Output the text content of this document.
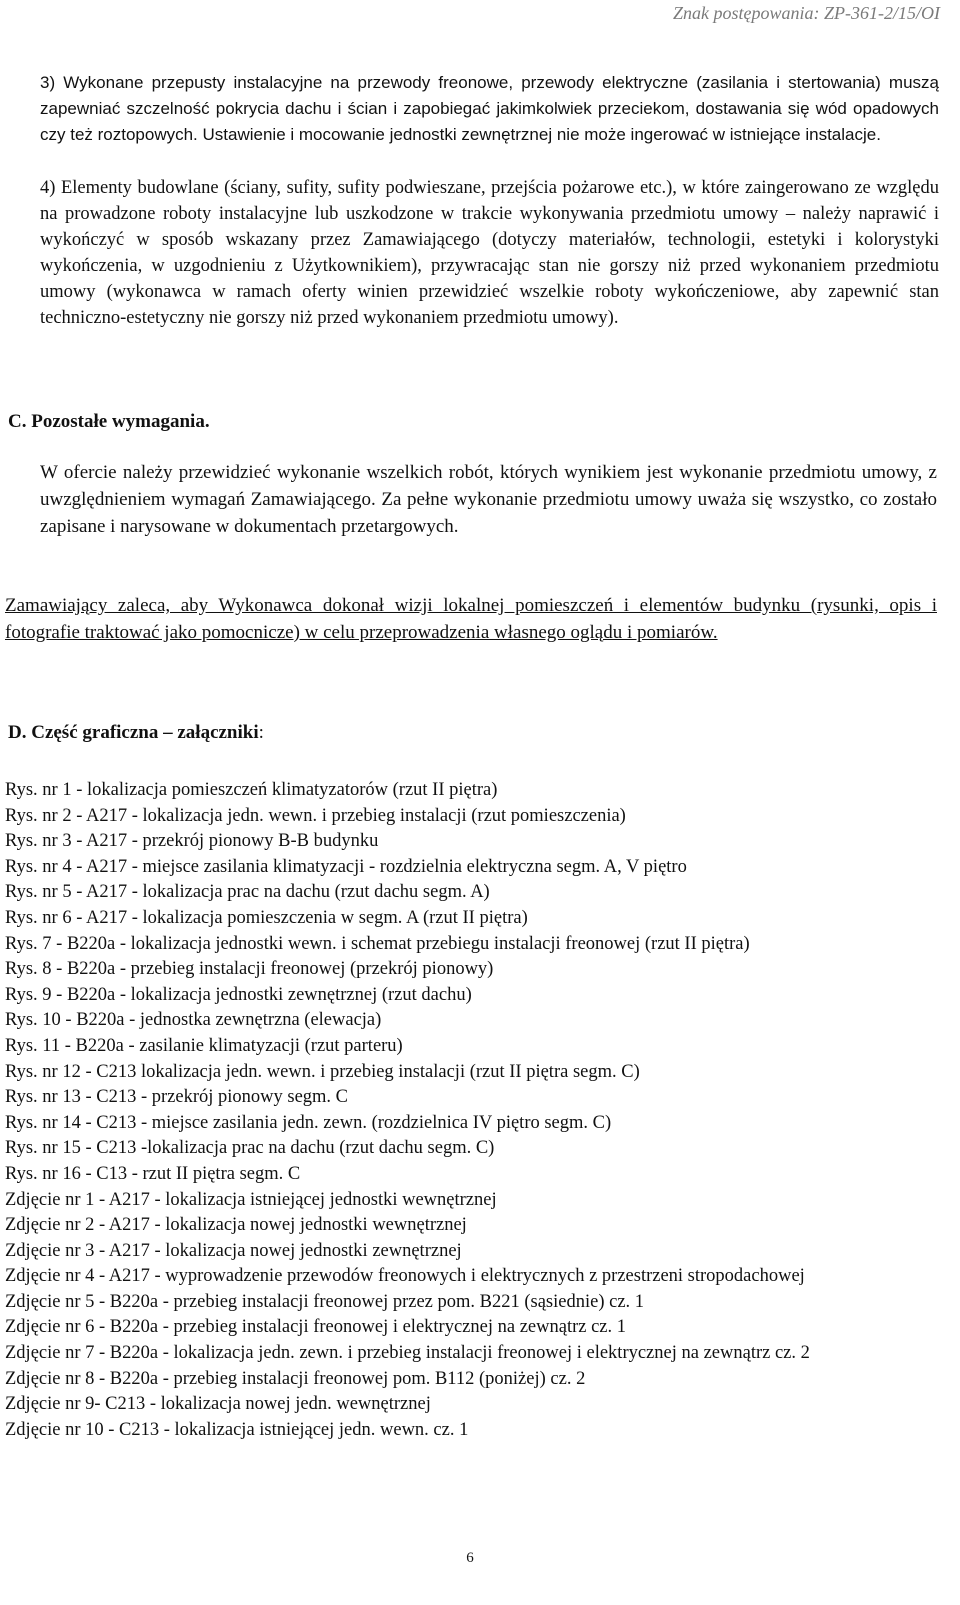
Znak postępowania: ZP-361-2/15/OI
3) Wykonane przepusty instalacyjne na przewody freonowe, przewody elektryczne (zasilania i stertowania) muszą zapewniać szczelność pokrycia dachu i ścian i zapobiegać jakimkolwiek przeciekom, dostawania się wód opadowych czy też roztopowych. Ustawienie i mocowanie jednostki zewnętrznej nie może ingerować w istniejące instalacje.
4) Elementy budowlane (ściany, sufity, sufity podwieszane, przejścia pożarowe etc.), w które zaingerowano ze względu na prowadzone roboty instalacyjne lub uszkodzone w trakcie wykonywania przedmiotu umowy – należy naprawić i wykończyć w sposób wskazany przez Zamawiającego (dotyczy materiałów, technologii, estetyki i kolorystyki wykończenia, w uzgodnieniu z Użytkownikiem), przywracając stan nie gorszy niż przed wykonaniem przedmiotu umowy (wykonawca w ramach oferty winien przewidzieć wszelkie roboty wykończeniowe, aby zapewnić stan techniczno-estetyczny nie gorszy niż przed wykonaniem przedmiotu umowy).
C. Pozostałe wymagania.
W ofercie należy przewidzieć wykonanie wszelkich robót, których wynikiem jest wykonanie przedmiotu umowy, z uwzględnieniem wymagań Zamawiającego. Za pełne wykonanie przedmiotu umowy uważa się wszystko, co zostało zapisane i narysowane w dokumentach przetargowych.
Zamawiający zaleca, aby Wykonawca dokonał wizji lokalnej pomieszczeń i elementów budynku (rysunki, opis i fotografie traktować jako pomocnicze) w celu przeprowadzenia własnego oglądu i pomiarów.
D. Część graficzna – załączniki:
Rys. nr 1 - lokalizacja pomieszczeń klimatyzatorów (rzut II piętra)
Rys. nr 2 - A217 - lokalizacja jedn. wewn. i przebieg instalacji (rzut pomieszczenia)
Rys. nr 3 - A217 - przekrój pionowy B-B budynku
Rys. nr 4 - A217 - miejsce zasilania klimatyzacji - rozdzielnia elektryczna segm. A, V piętro
Rys. nr 5 - A217 - lokalizacja prac na dachu (rzut dachu segm. A)
Rys. nr 6 - A217 - lokalizacja pomieszczenia w segm. A (rzut II piętra)
Rys. 7 - B220a - lokalizacja jednostki wewn. i schemat przebiegu instalacji freonowej (rzut II piętra)
Rys. 8 - B220a - przebieg instalacji freonowej (przekrój pionowy)
Rys. 9 - B220a - lokalizacja jednostki zewnętrznej (rzut dachu)
Rys. 10 - B220a - jednostka zewnętrzna (elewacja)
Rys. 11 - B220a - zasilanie klimatyzacji (rzut parteru)
Rys. nr 12 - C213 lokalizacja jedn. wewn. i przebieg instalacji (rzut II piętra segm. C)
Rys. nr 13 - C213 - przekrój pionowy segm. C
Rys. nr 14 - C213 - miejsce zasilania jedn. zewn. (rozdzielnica IV piętro segm. C)
Rys. nr 15 - C213 -lokalizacja prac na dachu (rzut dachu segm. C)
Rys. nr 16 - C13 - rzut II piętra segm. C
Zdjęcie nr 1 - A217 - lokalizacja istniejącej jednostki wewnętrznej
Zdjęcie nr 2 - A217 - lokalizacja nowej jednostki wewnętrznej
Zdjęcie nr 3 - A217 - lokalizacja nowej jednostki zewnętrznej
Zdjęcie nr 4 - A217 - wyprowadzenie przewodów freonowych i elektrycznych z przestrzeni stropodachowej
Zdjęcie nr 5 - B220a - przebieg instalacji freonowej przez pom. B221 (sąsiednie) cz. 1
Zdjęcie nr 6 - B220a - przebieg instalacji freonowej i elektrycznej na zewnątrz cz. 1
Zdjęcie nr 7 - B220a - lokalizacja jedn. zewn. i przebieg instalacji freonowej i elektrycznej na zewnątrz cz. 2
Zdjęcie nr 8 - B220a - przebieg instalacji freonowej pom. B112 (poniżej) cz. 2
Zdjęcie nr 9- C213 - lokalizacja nowej jedn. wewnętrznej
Zdjęcie nr 10 - C213 - lokalizacja istniejącej jedn. wewn. cz. 1
6
